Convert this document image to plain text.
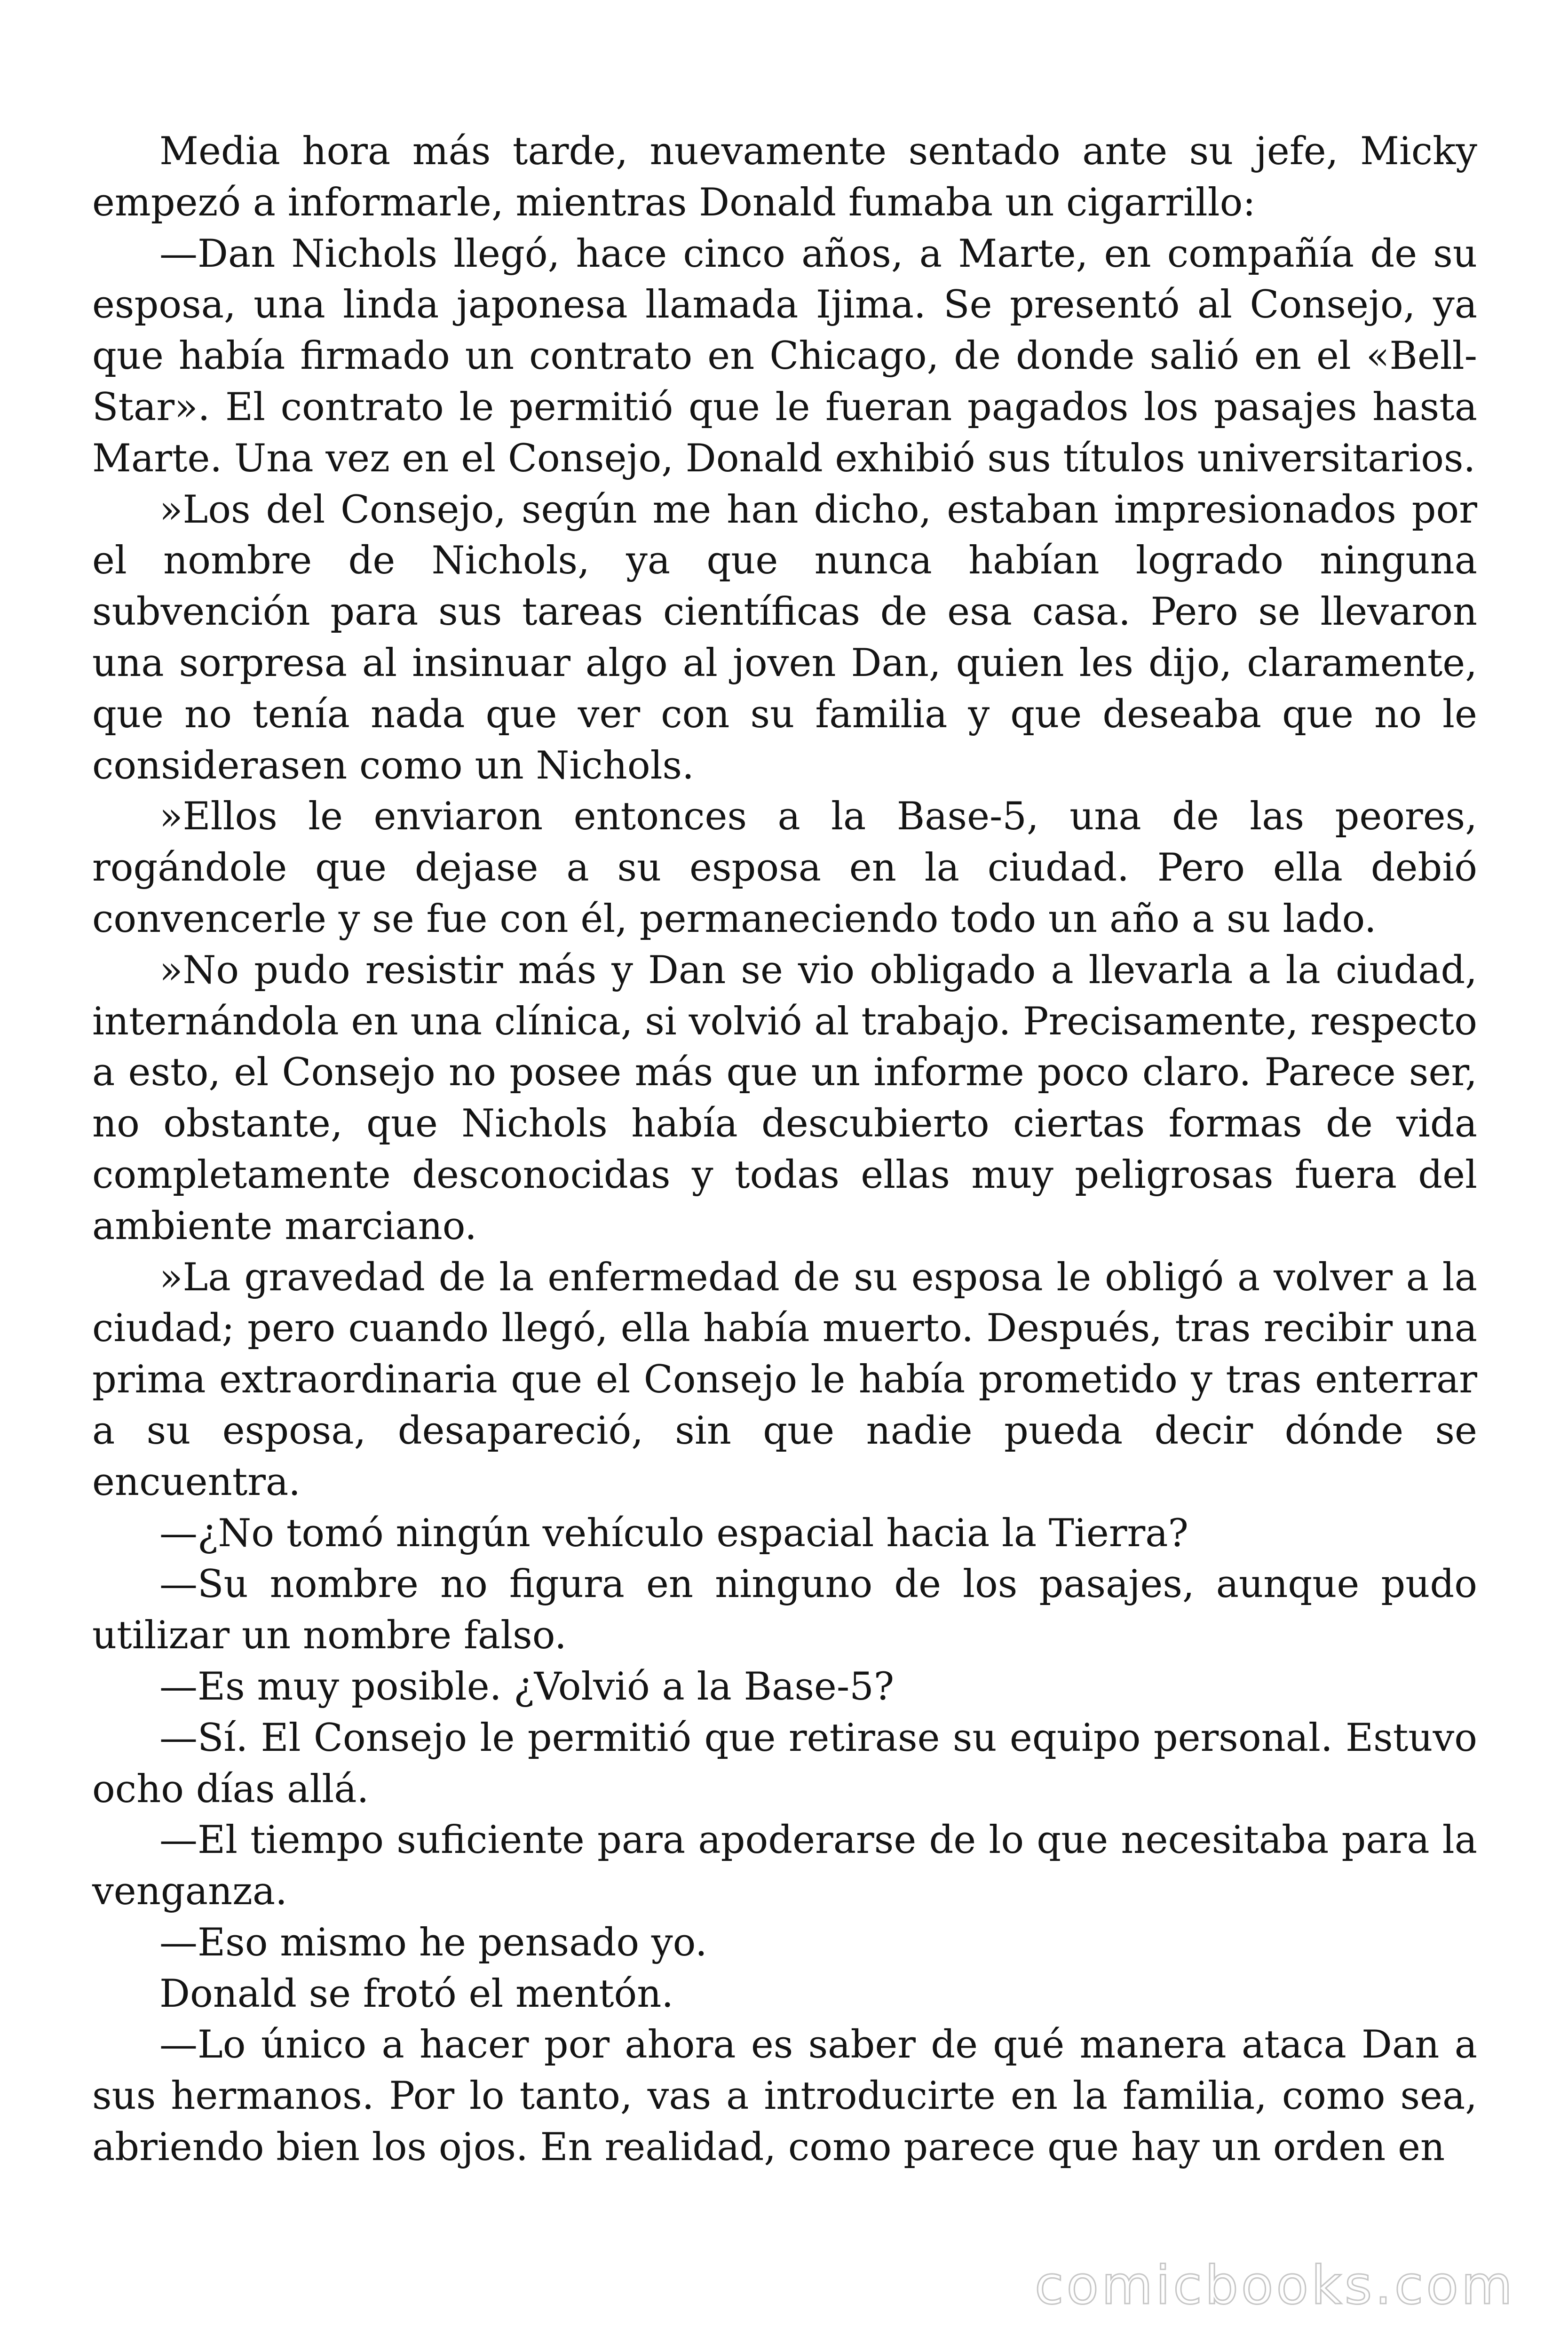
Media hora más tarde, nuevamente sentado ante su jefe, Micky empezó a informarle, mientras Donald fumaba un cigarrillo:

—Dan Nichols llegó, hace cinco años, a Marte, en compañía de su esposa, una linda japonesa llamada Ijima. Se presentó al Consejo, ya que había firmado un contrato en Chicago, de donde salió en el «Bell-Star». El contrato le permitió que le fueran pagados los pasajes hasta Marte. Una vez en el Consejo, Donald exhibió sus títulos universitarios.

»Los del Consejo, según me han dicho, estaban impresionados por el nombre de Nichols, ya que nunca habían logrado ninguna subvención para sus tareas científicas de esa casa. Pero se llevaron una sorpresa al insinuar algo al joven Dan, quien les dijo, claramente, que no tenía nada que ver con su familia y que deseaba que no le considerasen como un Nichols.

»Ellos le enviaron entonces a la Base-5, una de las peores, rogándole que dejase a su esposa en la ciudad. Pero ella debió convencerle y se fue con él, permaneciendo todo un año a su lado.

»No pudo resistir más y Dan se vio obligado a llevarla a la ciudad, internándola en una clínica, si volvió al trabajo. Precisamente, respecto a esto, el Consejo no posee más que un informe poco claro. Parece ser, no obstante, que Nichols había descubierto ciertas formas de vida completamente desconocidas y todas ellas muy peligrosas fuera del ambiente marciano.

»La gravedad de la enfermedad de su esposa le obligó a volver a la ciudad; pero cuando llegó, ella había muerto. Después, tras recibir una prima extraordinaria que el Consejo le había prometido y tras enterrar a su esposa, desapareció, sin que nadie pueda decir dónde se encuentra.

—¿No tomó ningún vehículo espacial hacia la Tierra?

—Su nombre no figura en ninguno de los pasajes, aunque pudo utilizar un nombre falso.

—Es muy posible. ¿Volvió a la Base-5?

—Sí. El Consejo le permitió que retirase su equipo personal. Estuvo ocho días allá.

—El tiempo suficiente para apoderarse de lo que necesitaba para la venganza.

—Eso mismo he pensado yo.

Donald se frotó el mentón.

—Lo único a hacer por ahora es saber de qué manera ataca Dan a sus hermanos. Por lo tanto, vas a introducirte en la familia, como sea, abriendo bien los ojos. En realidad, como parece que hay un orden en

comicbooks.com
